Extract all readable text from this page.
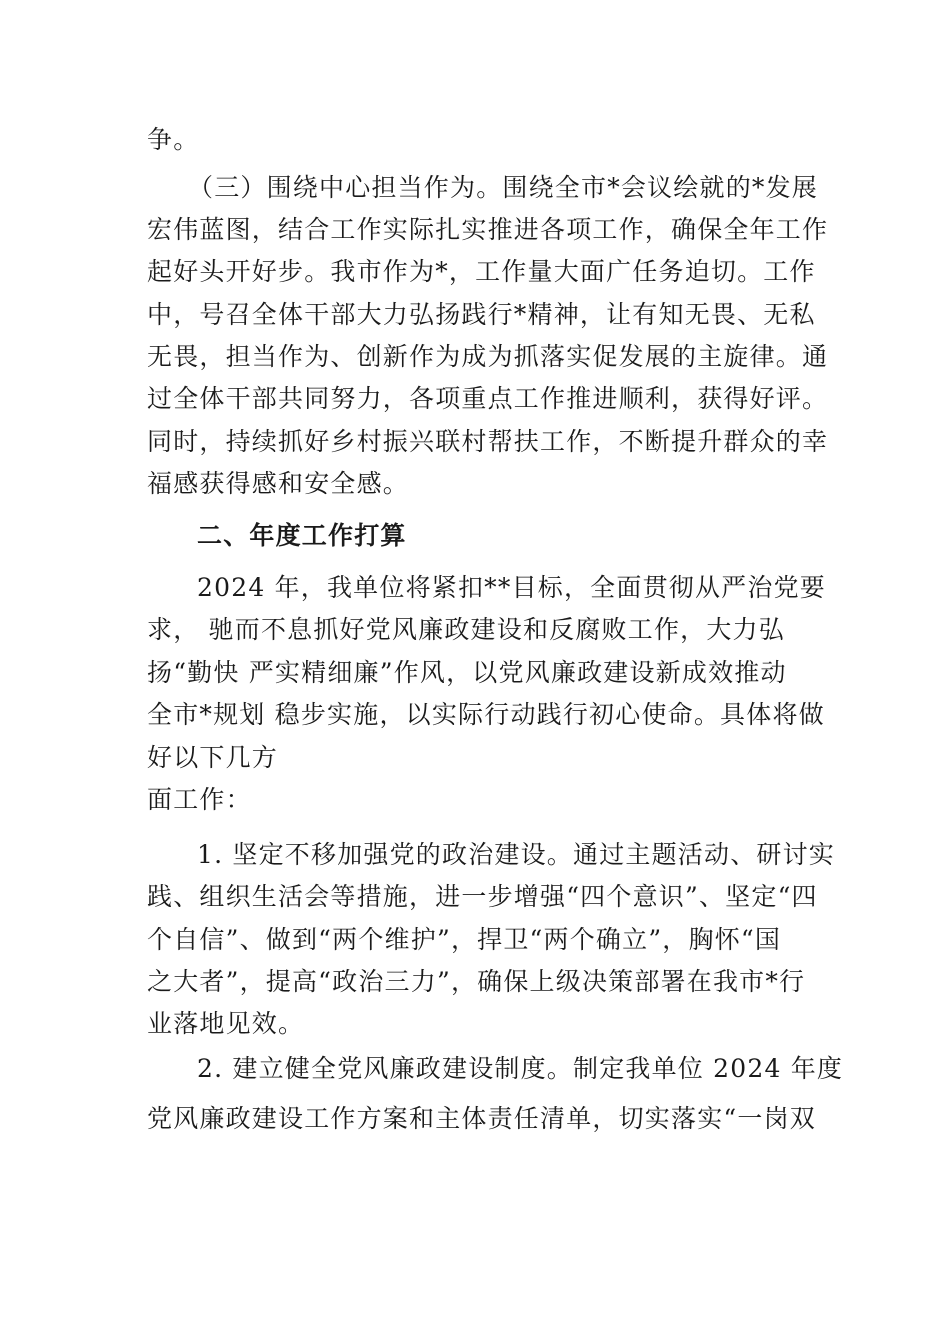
争。
（三）围绕中心担当作为。围绕全市*会议绘就的*发展
宏伟蓝图，结合工作实际扎实推进各项工作，确保全年工作
起好头开好步。我市作为*，工作量大面广任务迫切。工作
中，号召全体干部大力弘扬践行*精神，让有知无畏、无私
无畏，担当作为、创新作为成为抓落实促发展的主旋律。通
过全体干部共同努力，各项重点工作推进顺利，获得好评。
同时，持续抓好乡村振兴联村帮扶工作，不断提升群众的幸
福感获得感和安全感。
二、年度工作打算
2024 年，我单位将紧扣**目标，全面贯彻从严治党要
求， 驰而不息抓好党风廉政建设和反腐败工作，大力弘
扬“勤快 严实精细廉”作风，以党风廉政建设新成效推动
全市*规划 稳步实施，以实际行动践行初心使命。具体将做
好以下几方
面工作：
1. 坚定不移加强党的政治建设。通过主题活动、研讨实
践、组织生活会等措施，进一步增强“四个意识”、坚定“四
个自信”、做到“两个维护”，捍卫“两个确立”，胸怀“国
之大者”，提高“政治三力”，确保上级决策部署在我市*行
业落地见效。
2. 建立健全党风廉政建设制度。制定我单位 2024 年度
党风廉政建设工作方案和主体责任清单，切实落实“一岗双
